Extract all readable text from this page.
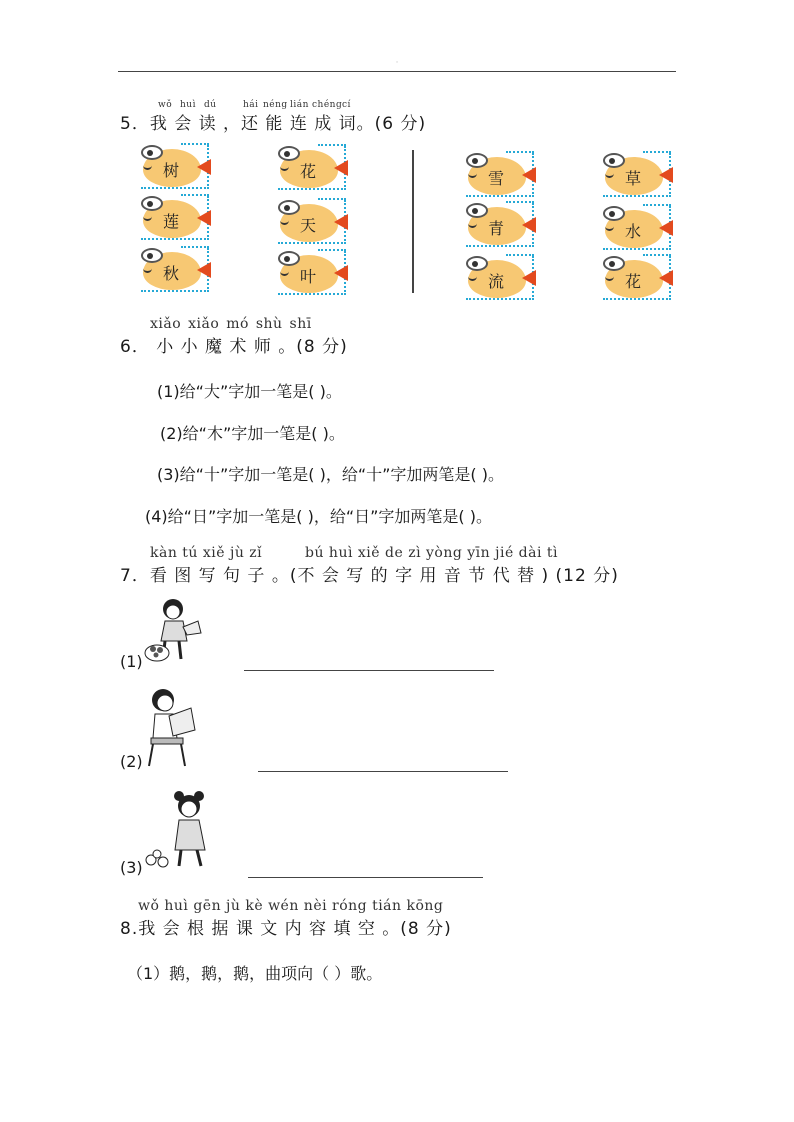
·
wǒ huì dú	hái néng lián chéng cí
5．我 会 读 ，还 能 连 成 词。(6 分)
树	花
莲	天
秋	叶
雪	草
青	水
流	花
xiǎo xiǎo mó shù shī
6． 小 小 魔 术 师 。(8 分)
(1)给“大”字加一笔是( )。
(2)给“木”字加一笔是( )。
(3)给“十”字加一笔是( )，给“十”字加两笔是( )。
(4)给“日”字加一笔是( )，给“日”字加两笔是( )。
kàn tú xiě jù zǐ	bú huì xiě de zì yòng yīn jié dài tì
7．看 图 写 句 子 。(不 会 写 的 字 用 音 节 代 替 ) (12 分)
(1)
(2)
(3)
wǒ huì gēn jù kè wén nèi róng tián kōng
8.我 会 根 据 课 文 内 容 填 空 。(8 分)
（1）鹅，鹅，鹅，曲项向（ ）歌。
